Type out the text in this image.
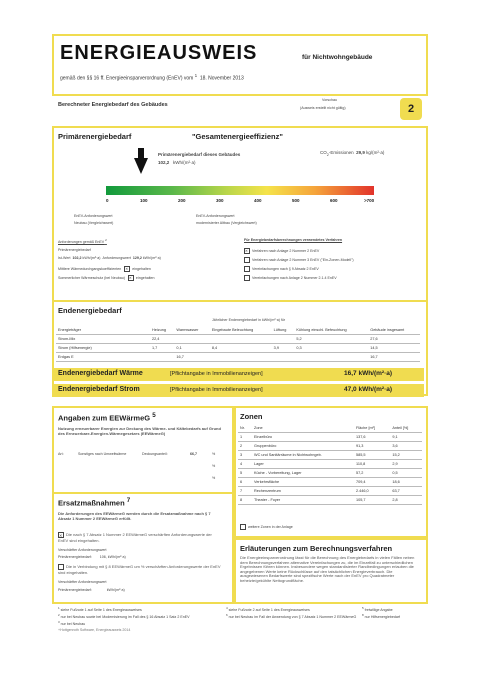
ENERGIEAUSWEIS	für Nichtwohngebäude
gemäß den §§ 16 ff. Energieeinsparverordnung (EnEV) vom $^1$  18. November 2013
Berechneter Energiebedarf des Gebäudes
Vorschau
(Ausweis erstellt nicht gültig)	2
Primärenergiebedarf	"Gesamtenergieeffizienz"
$CO_2$-Emissionen 29,9 kg/(m²·a)
Primärenergiebedarf dieses Gebäudes
102,2 kWh/(m²·a)
0	100	200	300	400	500	600	>700
EnEV-Anforderungswert
Neubau (Vergleichswert)
EnEV-Anforderungswert
modernisierter Altbau (Vergleichswert)
Anforderungen gemäß EnEV $^2$
Primärenergiebedarf
Ist-Wert 102,2 kWh/(m²·a) Anforderungswert 129,2 kWh/(m²·a)
Mittlere Wärmedurchgangskoeffizienten ✕ eingehalten
Sommerlicher Wärmeschutz (bei Neubau) ✕ eingehalten
Für Energiebedarfsberechnungen verwendetes Verfahren
✕ Verfahren nach Anlage 2 Nummer 2 EnEV
Verfahren nach Anlage 2 Nummer 3 EnEV ("Ein-Zonen-Modell")
Vereinfachungen nach § 9 Absatz 2 EnEV
Vereinfachungen nach Anlage 2 Nummer 2.1.4 EnEV
Endenergiebedarf
Jährlicher Endenergiebedarf in kWh/(m²·a) für
Energieträger	Heizung	Warmwasser	Eingebaute Beleuchtung	Lüftung	Kühlung einschl. Befeuchtung	Gebäude insgesamt
Strom-Mix	22,4				5,2	27,6
Strom (Hilfsenergie)	1,7	0,1	8,4	3,9	0,3	14,5
Erdgas E		16,7				16,7
Endenergiebedarf Wärme	[Pflichtangabe in Immobilienanzeigen]	16,7 kWh/(m²·a)
Endenergiebedarf Strom	[Pflichtangabe in Immobilienanzeigen]	47,0 kWh/(m²·a)
Angaben zum EEWärmeG $^5$
Nutzung erneuerbarer Energien zur Deckung des Wärme- und Kältebedarfs auf Grund des Erneuerbare-Energien-Wärmegesetzes (EEWärmeG)
Art:	Sonstiges nach Umweltwärme	Deckungsanteil:	66,7	%
%
%
Ersatzmaßnahmen $^7$
Die Anforderungen des EEWärmeG werden durch die Ersatzmaßnahme nach § 7 Absatz 1 Nummer 2 EEWärmeG erfüllt.
✕ Die nach § 7 Absatz 1 Nummer 2 EEWärmeG verschärften Anforderungswerte der EnEV sind eingehalten.
Verschärfter Anforderungswert
Primärenergiebedarf: 106, kWh/(m²·a)
Die in Verbindung mit § 8 EEWärmeG um % verschärften Anforderungswerte der EnEV sind eingehalten.
Verschärfter Anforderungswert
Primärenergiebedarf:	kWh/(m²·a)
Zonen
Nr.	Zone	Fläche [m²]	Anteil [%]
1	Einzelbüro	137,6	9,1
2	Gruppenbüro	91,3	3,6
3	WC und Sanitärräume in Nichtwohngeb.	585,5	15,2
4	Lager	110,8	2,9
5	Küche - Vorbereitung, Lager	57,2	0,5
6	Verkehrsfläche	709,4	18,6
7	Rechenzentrum	2.446,0	63,7
8	Theater - Foyer	105,7	2,8
weitere Zonen in der Anlage
Erläuterungen zum Berechnungsverfahren
Die Energieeinsparverordnung lässt für die Berechnung des Energiebedarfs in vielen Fällen neben dem Berechnungsverfahren alternative Vereinfachungen zu, die im Einzelfall zu unterschiedlichen Ergebnissen führen können. Insbesondere wegen standardisierter Randbedingungen erlauben die angegebenen Werte keine Rückschlüsse auf den tatsächlichen Energieverbrauch. Die ausgewiesenen Bedarfswerte sind spezifische Werte nach der EnEV pro Quadratmeter beheizte/gekühlte Nettogrundfläche.
$^1$ siehe Fußnote 1 auf Seite 1 des Energieausweises
$^2$ nur bei Neubau sowie bei Modernisierung im Fall des § 16 Absatz 1 Satz 2 EnEV
$^3$ nur bei Neubau
$^4$ siehe Fußnote 2 auf Seite 1 des Energieausweises
$^6$ nur bei Neubau im Fall der Anwendung von § 7 Absatz 1 Nummer 2 EEWärmeG
$^5$ freiwillige Angabe
$^8$ nur Hilfsenergiebedarf
+Hottgenroth Software, Energieausweis 2014
